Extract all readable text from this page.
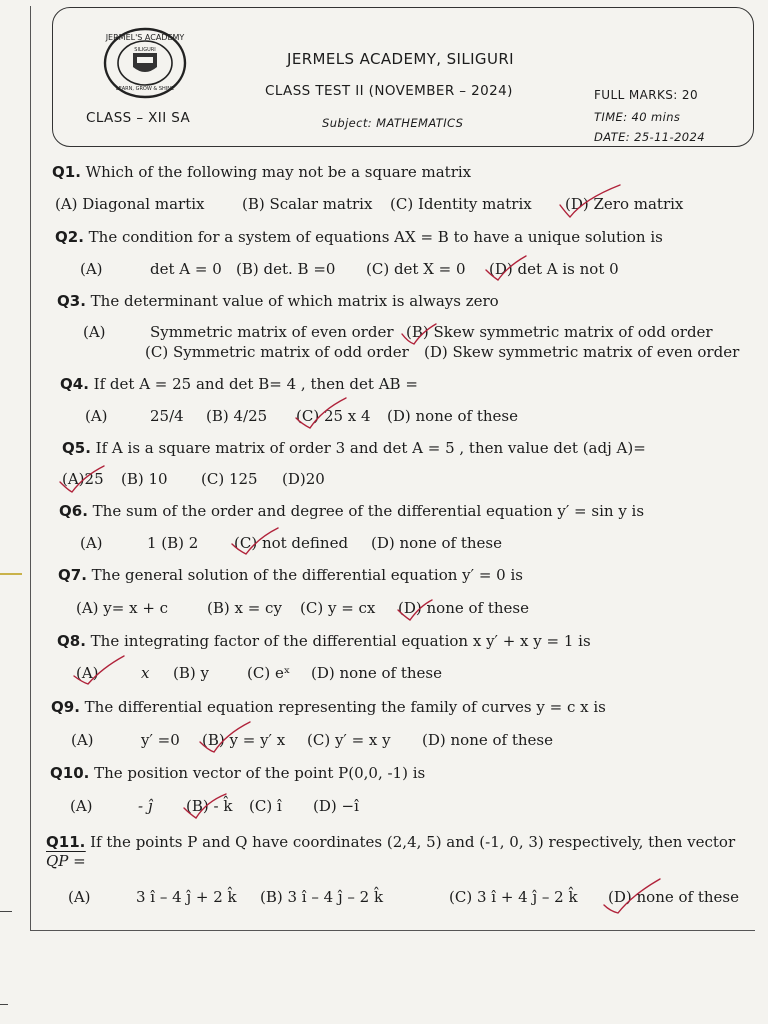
JERMEL'S ACADEMY
SILIGURI
LEARN, GROW & SHINE
JERMELS ACADEMY, SILIGURI
CLASS TEST II (NOVEMBER – 2024)
CLASS – XII SA	Subject: MATHEMATICS
FULL MARKS: 20
TIME: 40 mins
DATE: 25-11-2024
Q1. Which of the following may not be a square matrix
(A) Diagonal martix	(B) Scalar matrix (C) Identity matrix (D) Zero matrix
Q2. The condition for a system of equations AX = B to have a unique solution is
(A)	det A = 0 (B) det. B =0 (C) det X = 0 (D) det A is not 0
Q3. The determinant value of which matrix is always zero
(A)	Symmetric matrix of even order (B) Skew symmetric matrix of odd order
(C) Symmetric matrix of odd order (D) Skew symmetric matrix of even order
Q4. If det A = 25 and det B= 4 , then det AB =
(A)	25/4 (B) 4/25 (C) 25 x 4 (D) none of these
Q5. If A is a square matrix of order 3 and det A = 5 , then value det (adj A)=
(A)25 (B) 10 (C) 125 (D)20
Q6. The sum of the order and degree of the differential equation y′ = sin y is
(A)	1 (B) 2 (C) not defined (D) none of these
Q7. The general solution of the differential equation y′ = 0 is
(A) y= x + c	(B) x = cy (C) y = cx (D) none of these
Q8. The integrating factor of the differential equation x y′ + x y = 1 is
(A)	x (B) y	(C) eˣ (D) none of these
Q9. The differential equation representing the family of curves y = c x is
(A)	y′ =0 (B) y = y′ x (C) y′ = x y (D) none of these
Q10. The position vector of the point P(0,0, -1) is
(A)	- ĵ (B) - k̂ (C) î (D) −î
Q11. If the points P and Q have coordinates (2,4, 5) and (-1, 0, 3) respectively, then vector
QP =
(A)	3 î – 4 ĵ + 2 k̂ (B) 3 î – 4 ĵ – 2 k̂	(C) 3 î + 4 ĵ – 2 k̂ (D) none of these
